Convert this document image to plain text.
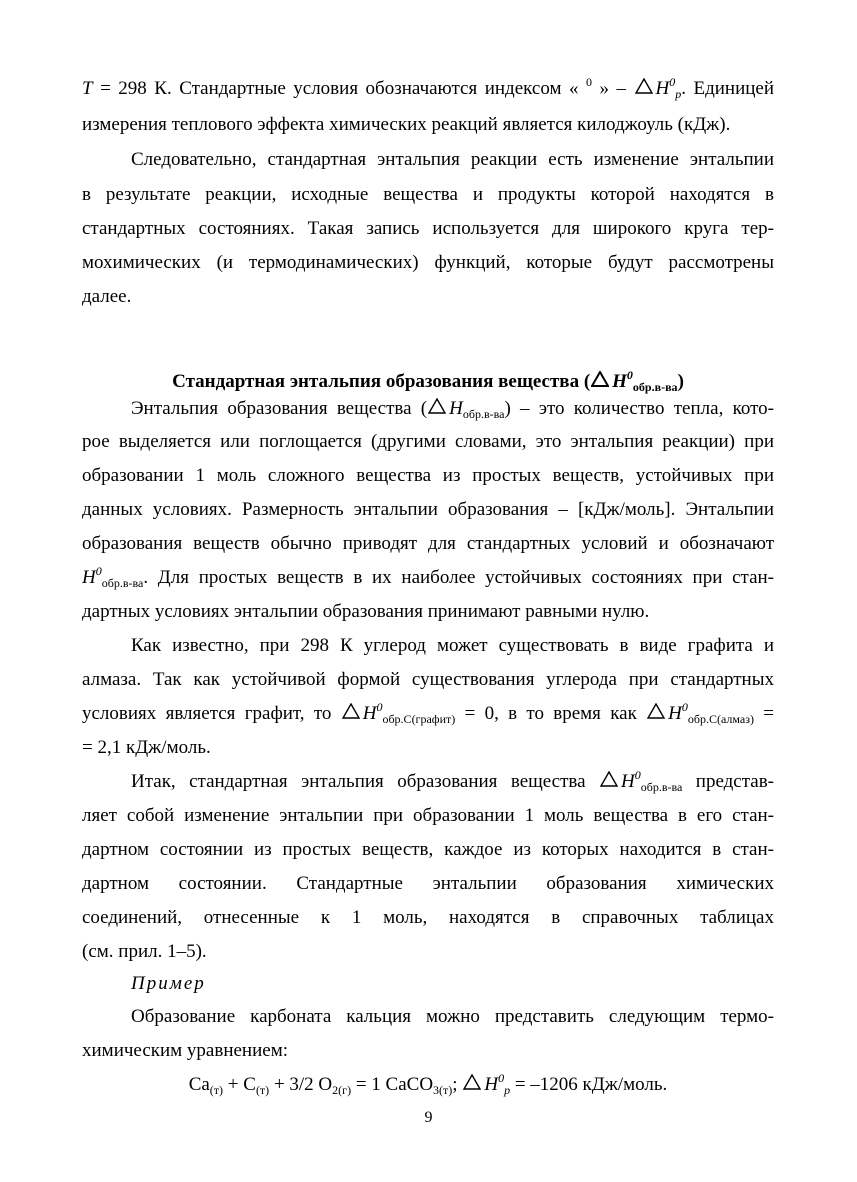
T = 298 К. Стандартные условия обозначаются индексом « $^0$ » –
$H^0_p$. Единицей
измерения теплового эффекта химических реакций является килоджоуль (кДж).
Следовательно, стандартная энтальпия реакции есть изменение энтальпии
в результате реакции, исходные вещества и продукты которой находятся в
стандартных состояниях. Такая запись используется для широкого круга тер-
мохимических (и термодинамических) функций, которые будут рассмотрены
далее.
Стандартная энтальпия образования вещества ( $H^0_{обр.в-ва}$)
Энтальпия образования вещества ( $H_{обр.в-ва}$) – это количество тепла, кото-
рое выделяется или поглощается (другими словами, это энтальпия реакции) при
образовании 1 моль сложного вещества из простых веществ, устойчивых при
данных условиях. Размерность энтальпии образования – [кДж/моль]. Энтальпии
образования веществ обычно приводят для стандартных условий и обозначают
$H^0_{обр.в-ва}$. Для простых веществ в их наиболее устойчивых состояниях при стан-
дартных условиях энтальпии образования принимают равными нулю.
Как известно, при 298 К углерод может существовать в виде графита и
алмаза. Так как устойчивой формой существования углерода при стандартных
условиях является графит, то
$H^0_{обр.С(графит)} = 0$, в то время как
$H^0_{обр.С(алмаз)}$ =
= 2,1 кДж/моль.
Итак, стандартная энтальпия образования вещества
$H^0_{обр.в-ва}$ представ-
ляет собой изменение энтальпии при образовании 1 моль вещества в его стан-
дартном состоянии из простых веществ, каждое из которых находится в стан-
дартном состоянии. Стандартные энтальпии образования химических
соединений, отнесенные к 1 моль, находятся в справочных таблицах
(см. прил. 1–5).
Пример
Образование карбоната кальция можно представить следующим термо-
химическим уравнением:
$Ca_{(т)} + C_{(т)} + 3/2$ $O_{2(г)} = 1$ CaCO$_{3(т)}$;
$H^0_p = -1206$ кДж/моль.
9
